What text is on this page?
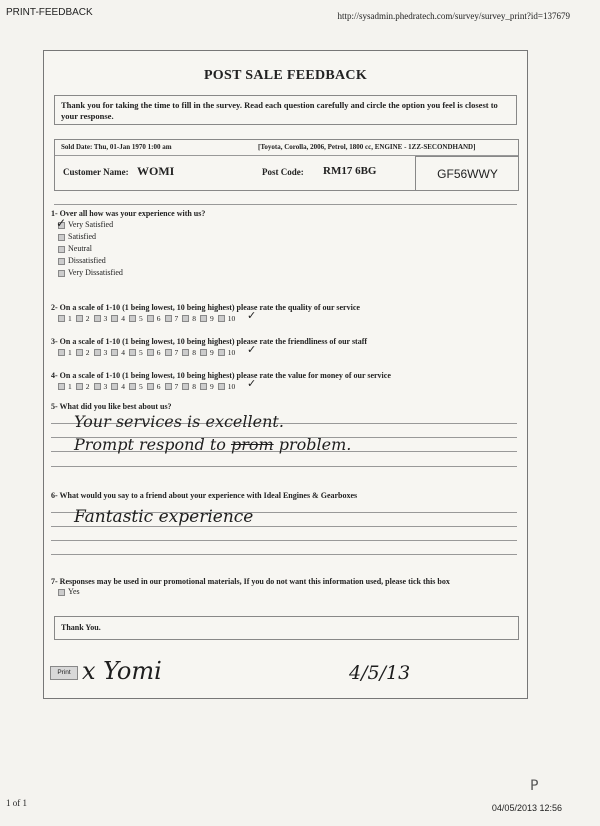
PRINT-FEEDBACK	http://sysadmin.phedratech.com/survey/survey_print?id=137679
POST SALE FEEDBACK
Thank you for taking the time to fill in the survey. Read each question carefully and circle the option you feel is closest to your response.
Sold Date: Thu, 01-Jan 1970 1:00 am	[Toyota, Corolla, 2006, Petrol, 1800 cc, ENGINE - 1ZZ-SECONDHAND]
Customer Name: WOMI	Post Code: RM17 6BG	GF56WWY
1- Over all how was your experience with us?
Very Satisfied
Satisfied
Neutral
Dissatisfied
Very Dissatisfied
✓
2- On a scale of 1-10 (1 being lowest, 10 being highest) please rate the quality of our service
1 2 3 4 5 6 7 8 9 10 ✓
3- On a scale of 1-10 (1 being lowest, 10 being highest) please rate the friendliness of our staff
1 2 3 4 5 6 7 8 9 10 ✓
4- On a scale of 1-10 (1 being lowest, 10 being highest) please rate the value for money of our service
1 2 3 4 5 6 7 8 9 10 ✓
5- What did you like best about us?
Your services is excellent.
Prompt respond to prom problem.
6- What would you say to a friend about your experience with Ideal Engines & Gearboxes
Fantastic experience
7- Responses may be used in our promotional materials, If you do not want this information used, please tick this box
Yes
Thank You.
Print x Yomi	4/5/13
P
1 of 1	04/05/2013 12:56
